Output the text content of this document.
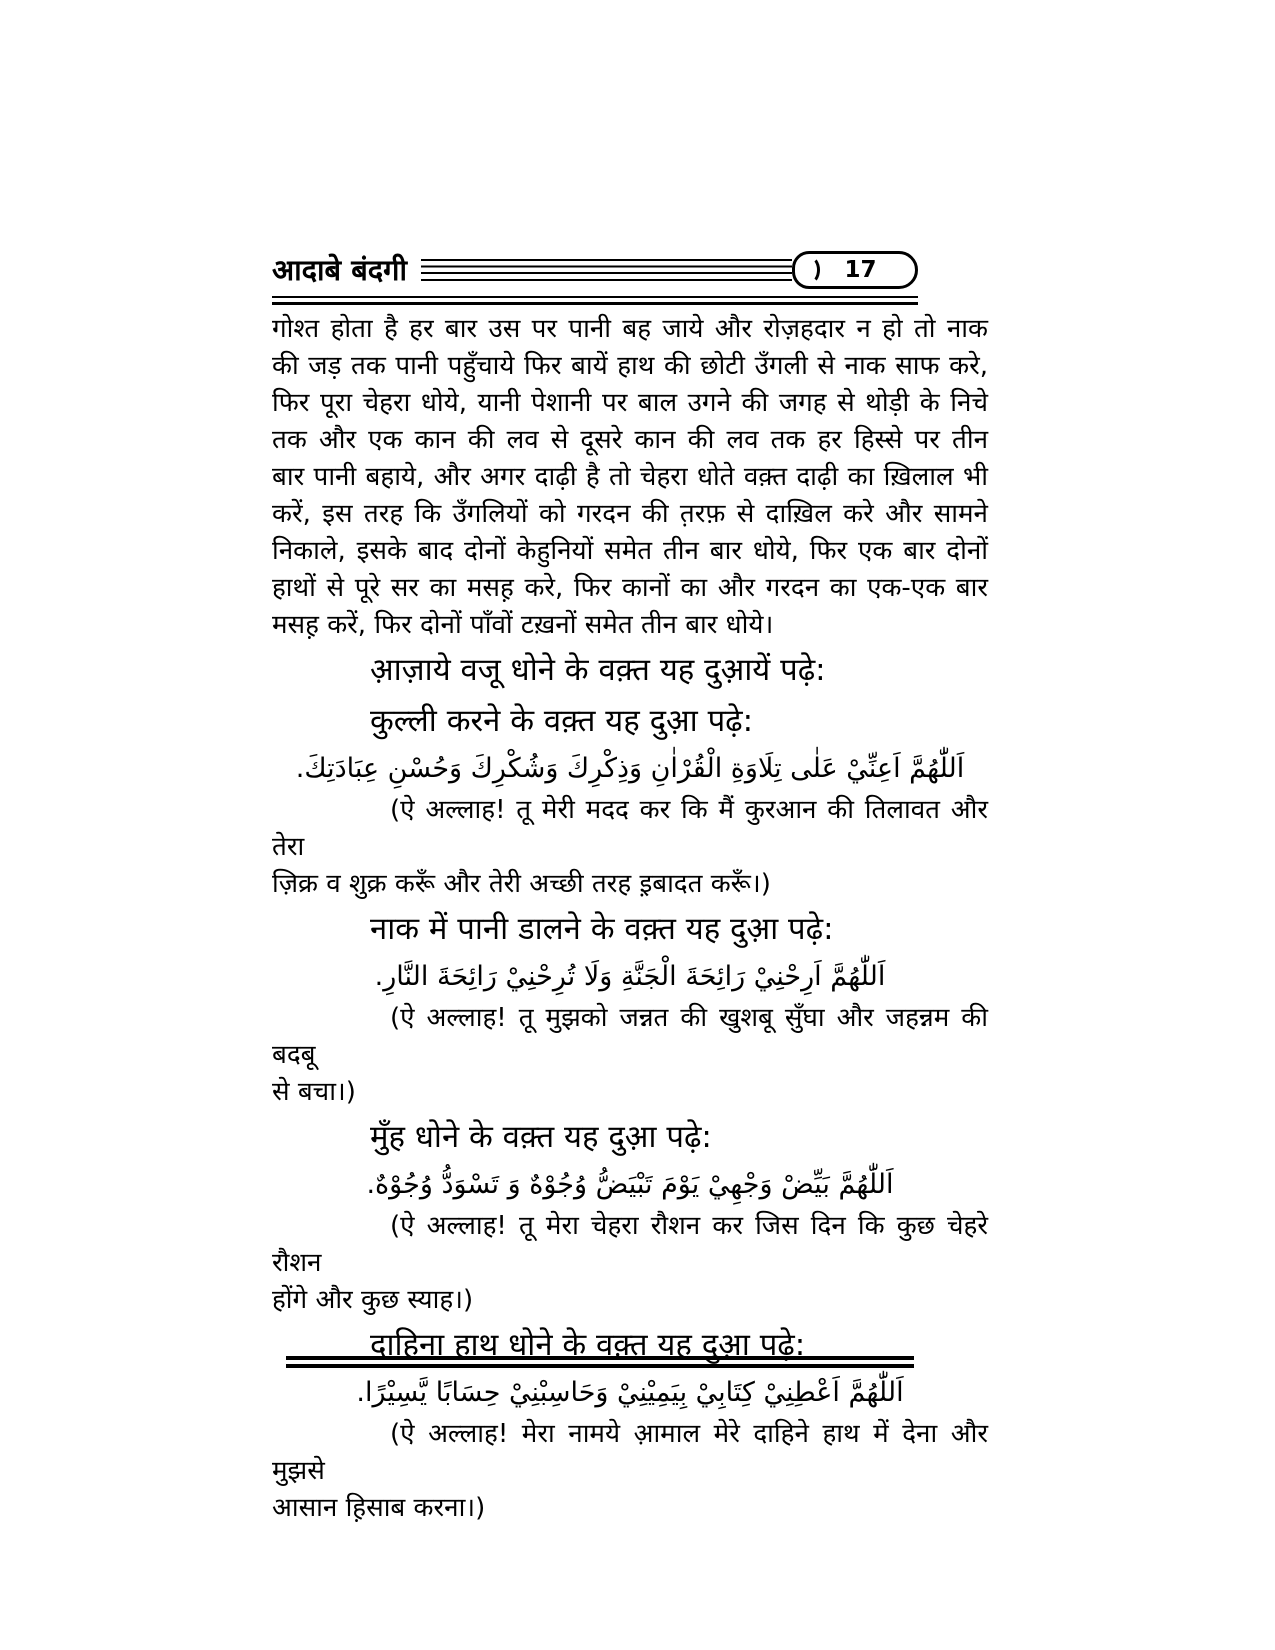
आदाबे बंदगी	17
गोश्त होता है हर बार उस पर पानी बह जाये और रोज़हदार न हो तो नाक
की जड़ तक पानी पहुँचाये फिर बायें हाथ की छोटी उँगली से नाक साफ करे,
फिर पूरा चेहरा धोये, यानी पेशानी पर बाल उगने की जगह से थोड़ी के निचे
तक और एक कान की लव से दूसरे कान की लव तक हर हिस्से पर तीन
बार पानी बहाये, और अगर दाढ़ी है तो चेहरा धोते वक़्त दाढ़ी का ख़िलाल भी
करें, इस तरह कि उँगलियों को गरदन की त़रफ़ से दाख़िल करे और सामने
निकाले, इसके बाद दोनों केहुनियों समेत तीन बार धोये, फिर एक बार दोनों
हाथों से पूरे सर का मसह़ करे, फिर कानों का और गरदन का एक-एक बार
मसह़ करें, फिर दोनों पाँवों टख़नों समेत तीन बार धोये।
आ़ज़ाये वजू धोने के वक़्त यह दुआ़यें पढ़े:
कुल्ली करने के वक़्त यह दुआ़ पढ़े:
اَللّٰهُمَّ اَعِنِّيْ عَلٰى تِلَاوَةِ الْقُرْاٰنِ وَذِكْرِكَ وَشُكْرِكَ وَحُسْنِ عِبَادَتِكَ.
(ऐ अल्लाह! तू मेरी मदद कर कि मैं कुरआन की तिलावत और तेरा
ज़िक्र व शुक्र करूँ और तेरी अच्छी तरह इ़बादत करूँ।)
नाक में पानी डालने के वक़्त यह दुआ़ पढ़े:
اَللّٰهُمَّ اَرِحْنِيْ رَائِحَةَ الْجَنَّةِ وَلَا تُرِحْنِيْ رَائِحَةَ النَّارِ.
(ऐ अल्लाह! तू मुझको जन्नत की खुशबू सुँघा और जहन्नम की बदबू
से बचा।)
मुँह धोने के वक़्त यह दुआ़ पढ़े:
اَللّٰهُمَّ بَيِّضْ وَجْهِيْ يَوْمَ تَبْيَضُّ وُجُوْهٌ وَ تَسْوَدُّ وُجُوْهٌ.
(ऐ अल्लाह! तू मेरा चेहरा रौशन कर जिस दिन कि कुछ चेहरे रौशन
होंगे और कुछ स्याह।)
दाहिना हाथ धोने के वक़्त यह दुआ़ पढ़े:
اَللّٰهُمَّ اَعْطِنِيْ كِتَابِيْ بِيَمِيْنِيْ وَحَاسِبْنِيْ حِسَابًا يَّسِيْرًا.
(ऐ अल्लाह! मेरा नामये आ़माल मेरे दाहिने हाथ में देना और मुझसे
आसान ह़िसाब करना।)
